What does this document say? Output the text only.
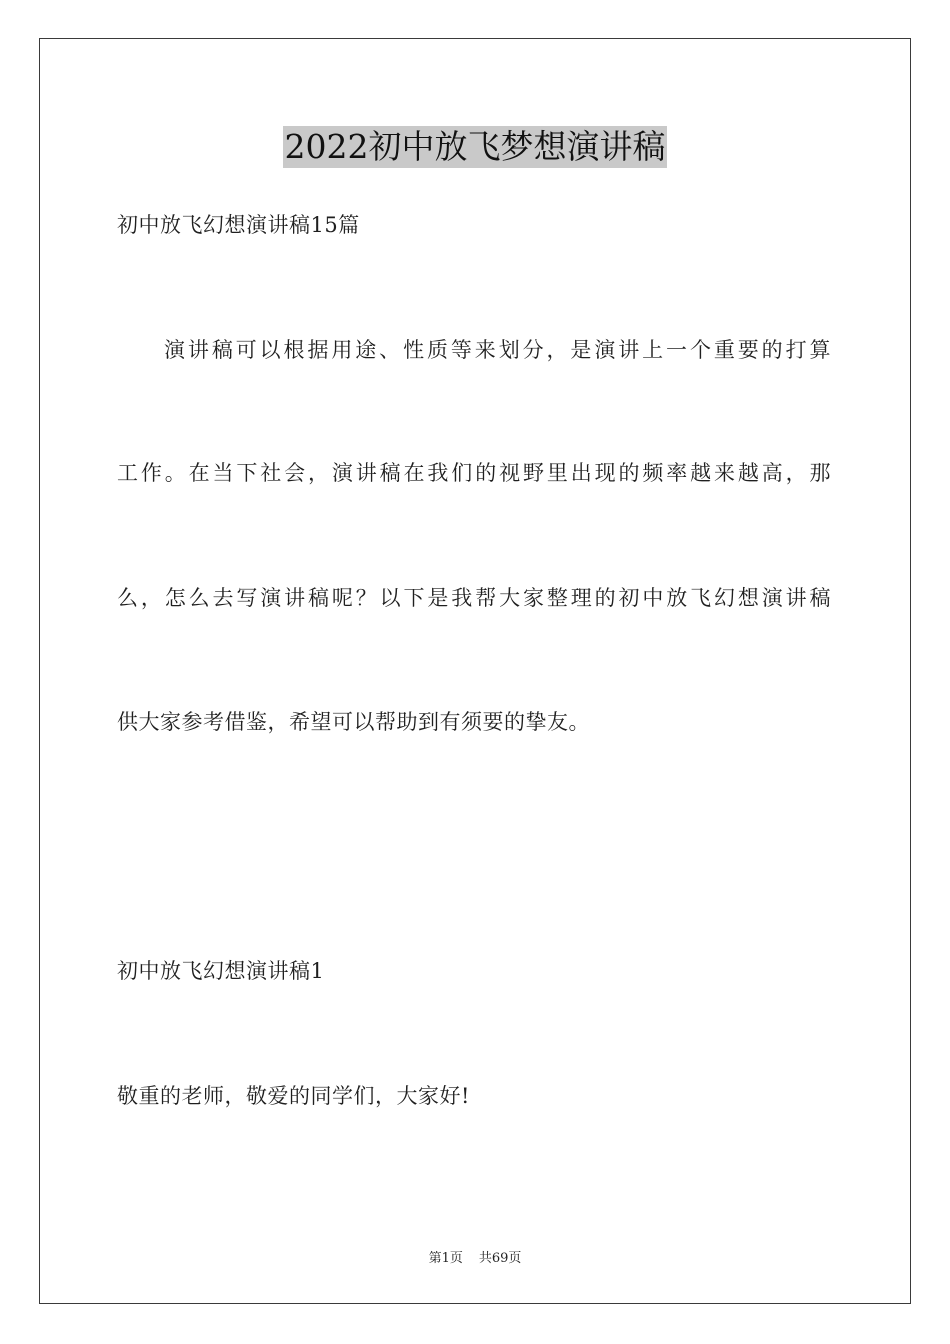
2022初中放飞梦想演讲稿
初中放飞幻想演讲稿15篇
演讲稿可以根据用途、性质等来划分，是演讲上一个重要的打算
工作。在当下社会，演讲稿在我们的视野里出现的频率越来越高，那
么，怎么去写演讲稿呢？以下是我帮大家整理的初中放飞幻想演讲稿
供大家参考借鉴，希望可以帮助到有须要的挚友。
初中放飞幻想演讲稿1
敬重的老师，敬爱的同学们，大家好!
第1页 共69页
